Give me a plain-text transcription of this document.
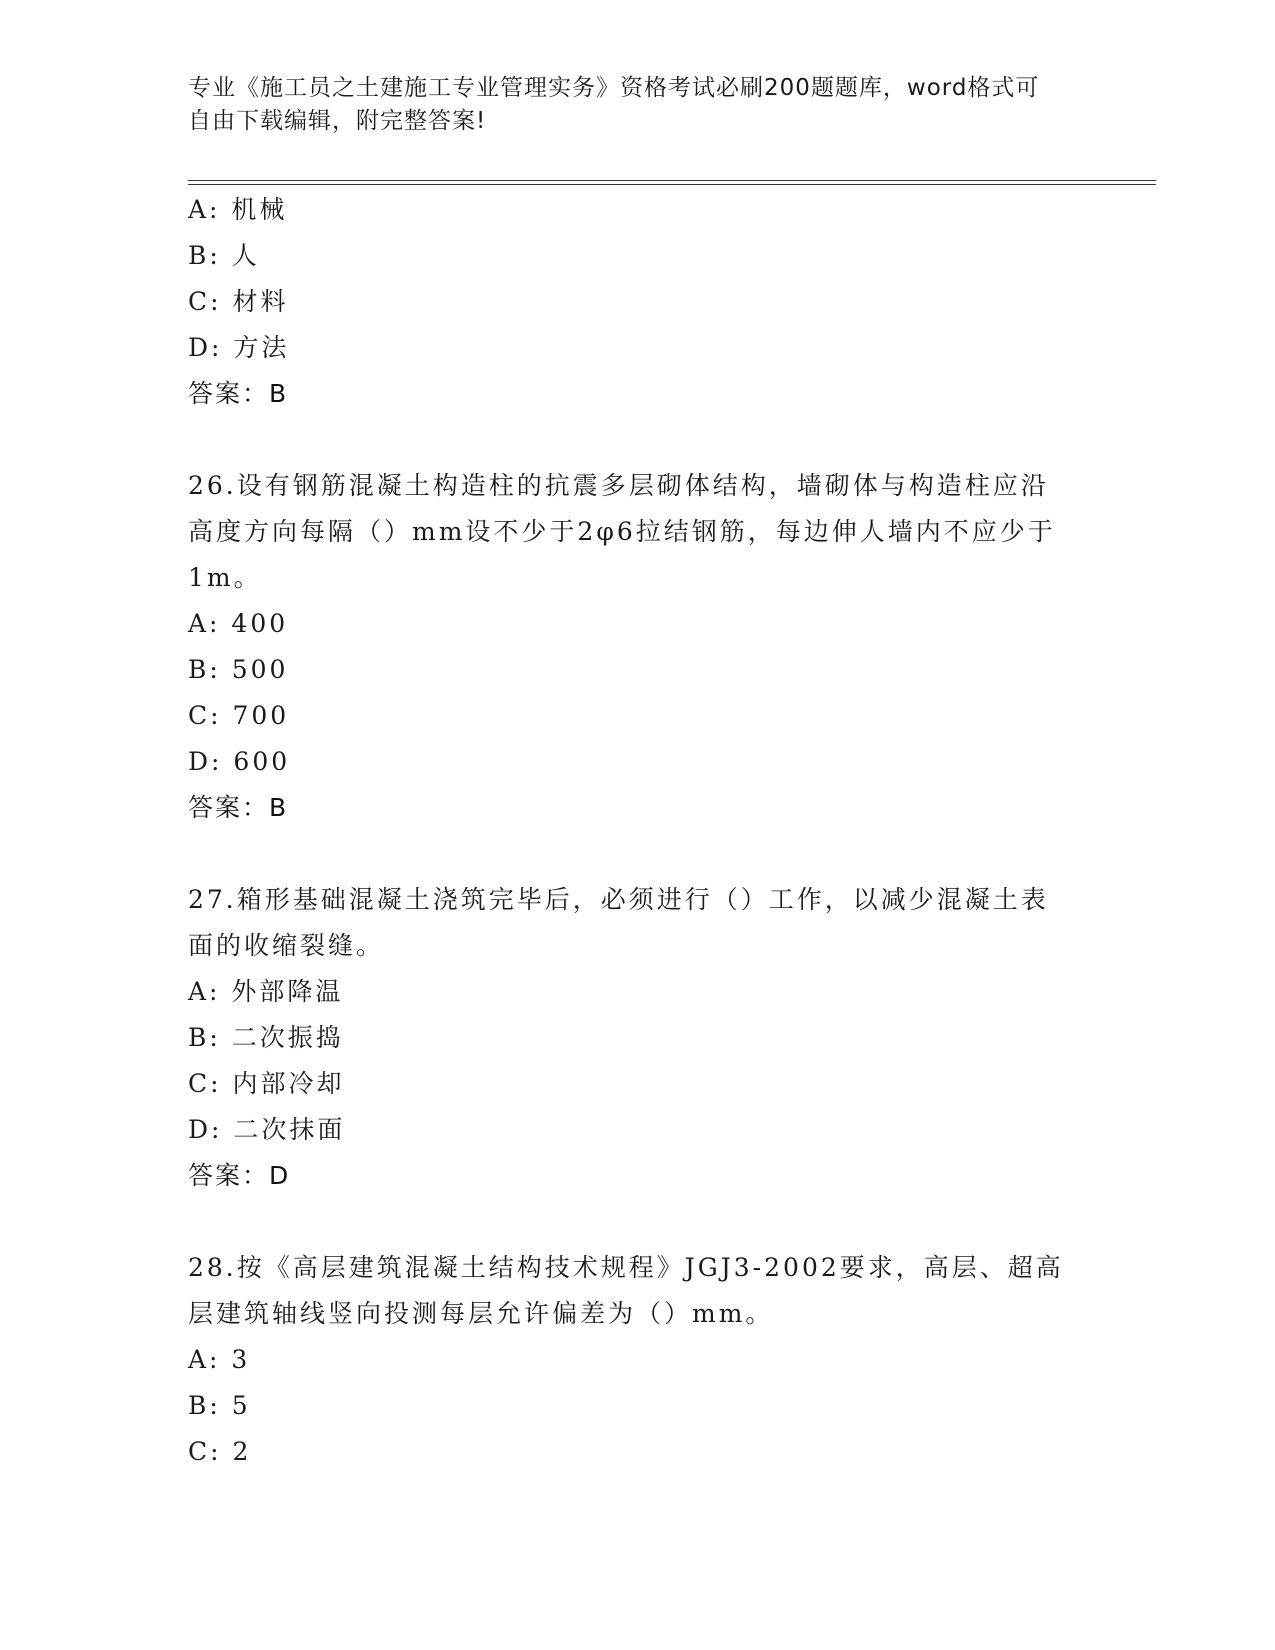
专业《施工员之土建施工专业管理实务》资格考试必刷200题题库，word格式可
自由下载编辑，附完整答案!
A: 机械
B: 人
C: 材料
D: 方法
答案：B
26.设有钢筋混凝土构造柱的抗震多层砌体结构，墙砌体与构造柱应沿
高度方向每隔（）mm设不少于2φ6拉结钢筋，每边伸人墙内不应少于
1m。
A: 400
B: 500
C: 700
D: 600
答案：B
27.箱形基础混凝土浇筑完毕后，必须进行（）工作，以减少混凝土表
面的收缩裂缝。
A: 外部降温
B: 二次振捣
C: 内部冷却
D: 二次抹面
答案：D
28.按《高层建筑混凝土结构技术规程》JGJ3-2002要求，高层、超高
层建筑轴线竖向投测每层允许偏差为（）mm。
A: 3
B: 5
C: 2
